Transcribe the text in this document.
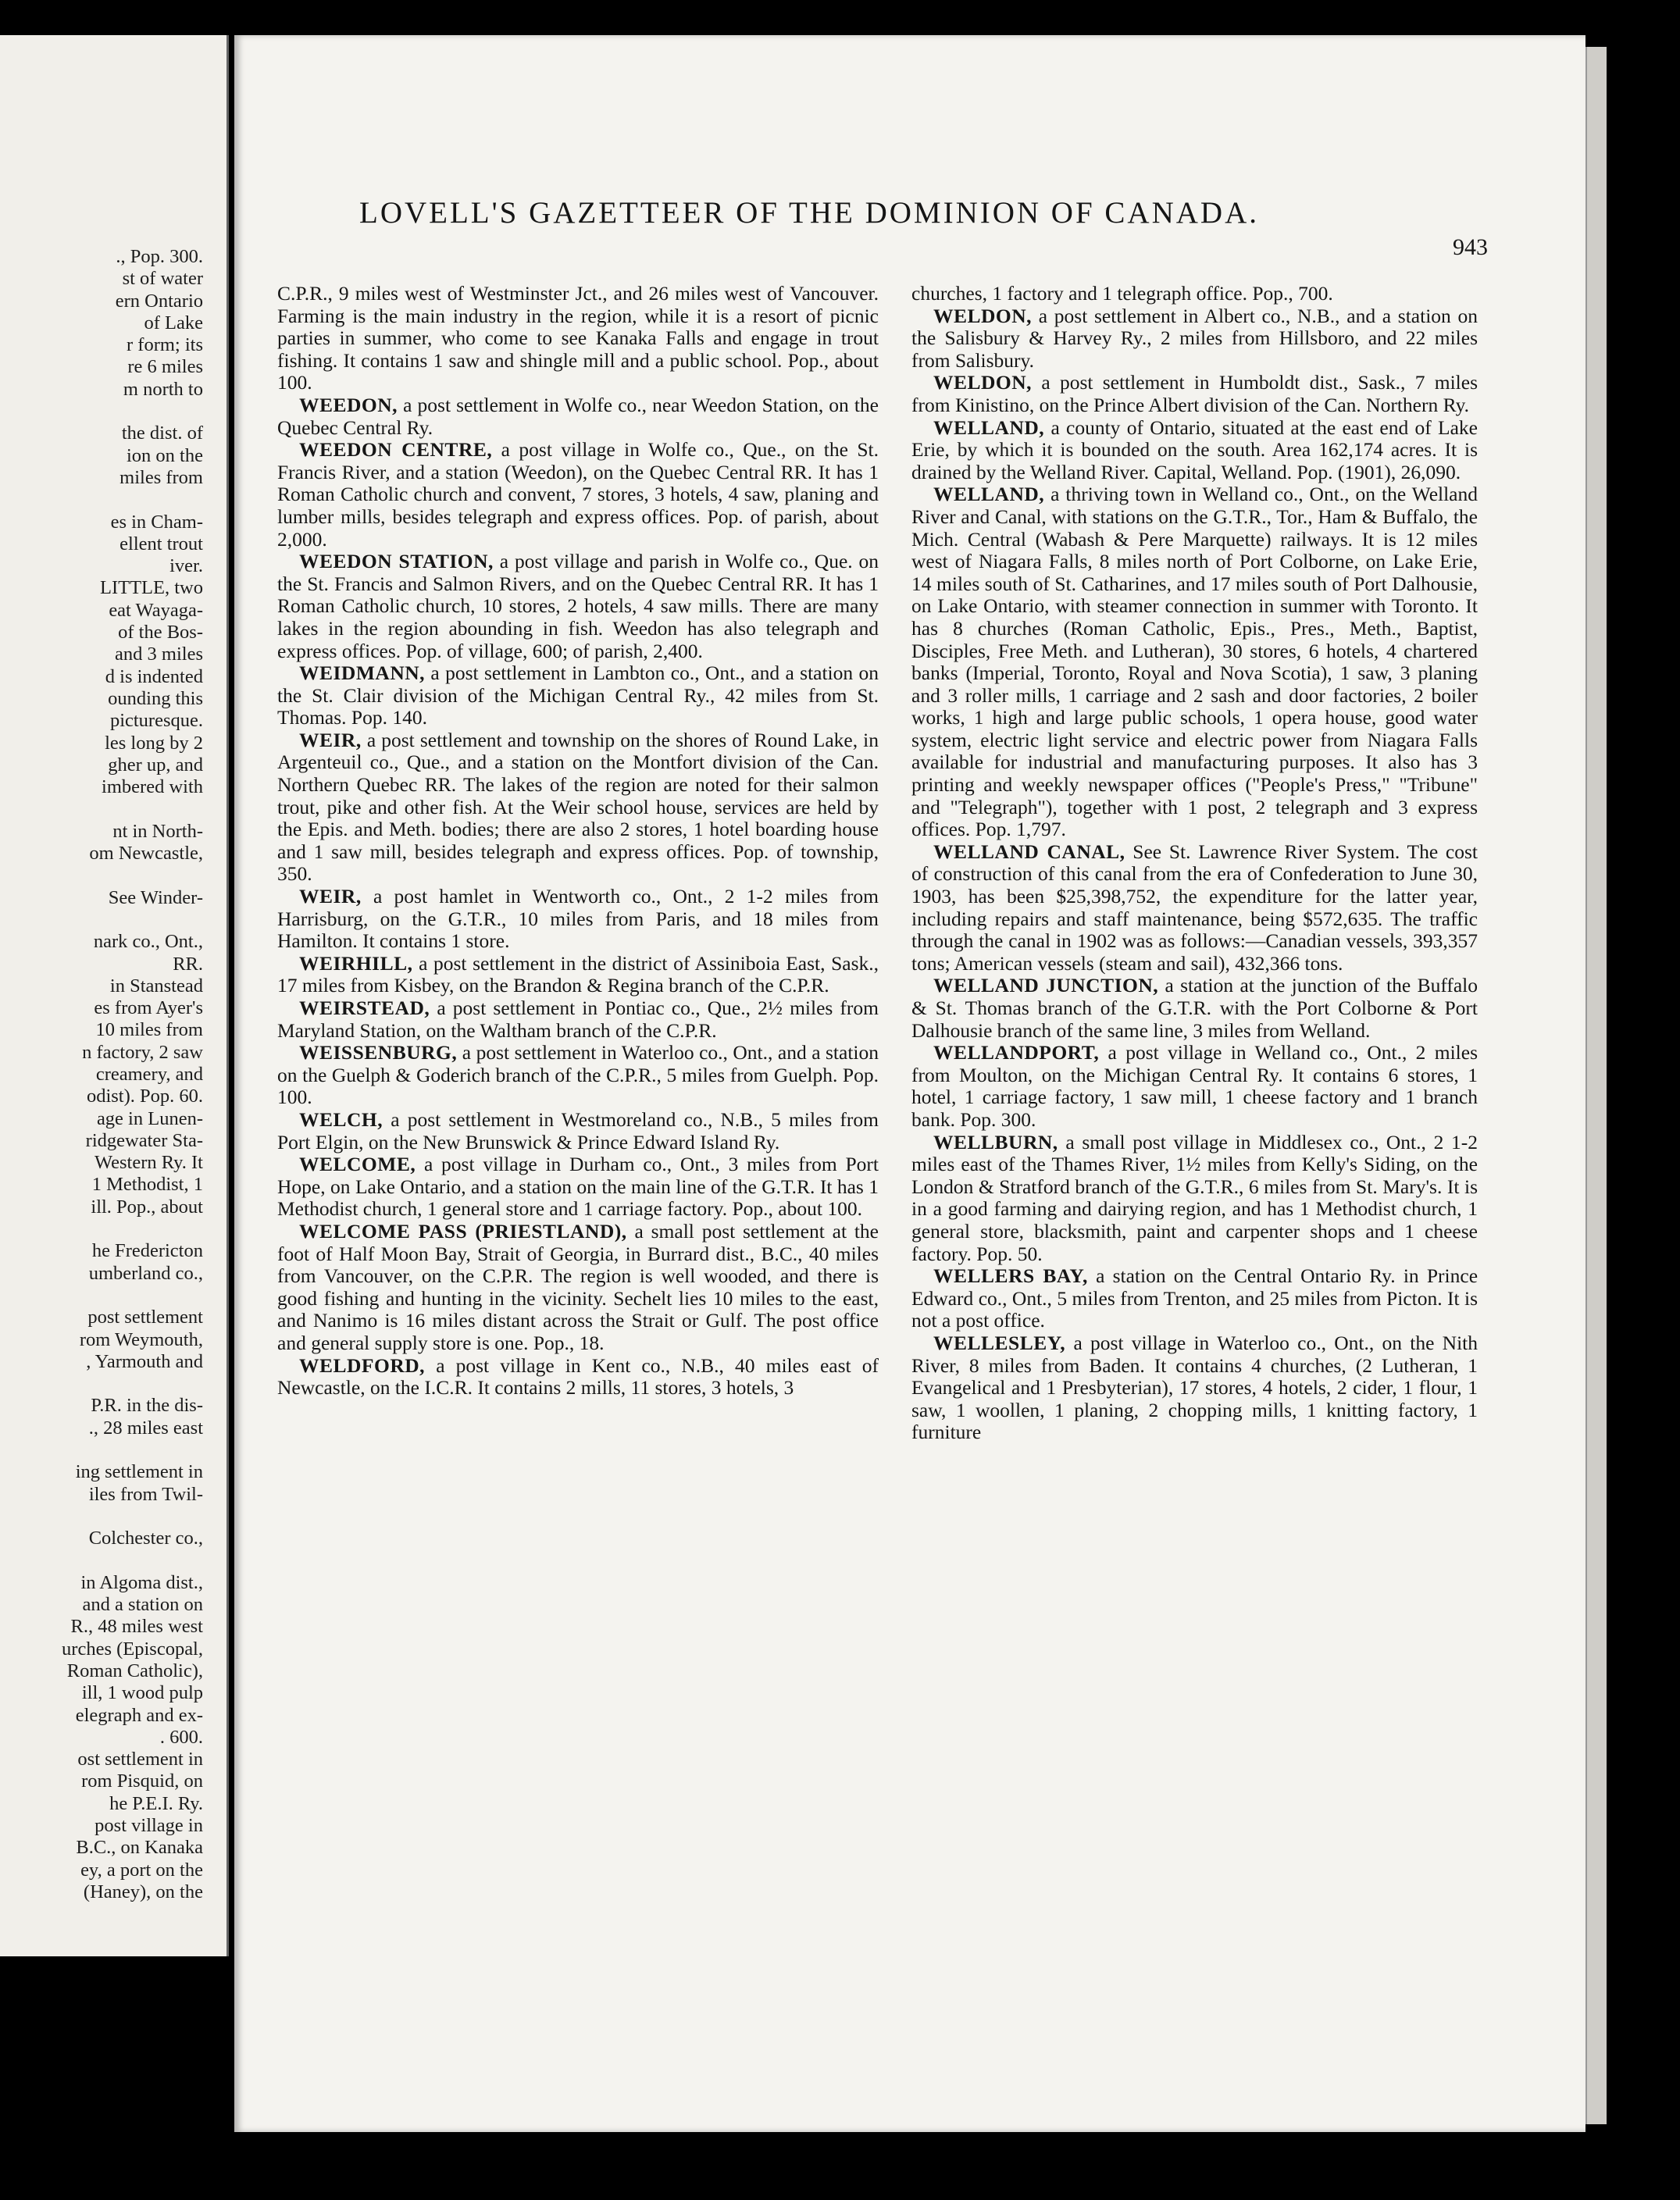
., Pop. 300.
st of water
ern Ontario
of Lake
r form; its
re 6 miles
m north to

the dist. of
ion on the
miles from

es in Cham-
ellent trout
iver.
LITTLE, two
eat Wayaga-
of the Bos-
and 3 miles
d is indented
ounding this
picturesque.
les long by 2
gher up, and
imbered with

nt in North-
om Newcastle,

See Winder-

nark co., Ont.,
RR.
in Stanstead
es from Ayer's
10 miles from
n factory, 2 saw
creamery, and
odist). Pop. 60.
age in Lunen-
ridgewater Sta-
Western Ry. It
1 Methodist, 1
ill. Pop., about

he Fredericton
umberland co.,

post settlement
rom Weymouth,
, Yarmouth and

P.R. in the dis-
., 28 miles east

ing settlement in
iles from Twil-

Colchester co.,

in Algoma dist.,
and a station on
R., 48 miles west
urches (Episcopal,
Roman Catholic),
ill, 1 wood pulp
elegraph and ex-
. 600.
ost settlement in
rom Pisquid, on
he P.E.I. Ry.
post village in
B.C., on Kanaka
ey, a port on the
(Haney), on the
LOVELL'S GAZETTEER OF THE DOMINION OF CANADA.
943

C.P.R., 9 miles west of Westminster Jct., and 26 miles west of Vancouver. Farming is the main industry in the region, while it is a resort of picnic parties in summer, who come to see Kanaka Falls and engage in trout fishing. It contains 1 saw and shingle mill and a public school. Pop., about 100.

WEEDON, a post settlement in Wolfe co., near Weedon Station, on the Quebec Central Ry.

WEEDON CENTRE, a post village in Wolfe co., Que., on the St. Francis River, and a station (Weedon), on the Quebec Central RR. It has 1 Roman Catholic church and convent, 7 stores, 3 hotels, 4 saw, planing and lumber mills, besides telegraph and express offices. Pop. of parish, about 2,000.

WEEDON STATION, a post village and parish in Wolfe co., Que. on the St. Francis and Salmon Rivers, and on the Quebec Central RR. It has 1 Roman Catholic church, 10 stores, 2 hotels, 4 saw mills. There are many lakes in the region abounding in fish. Weedon has also telegraph and express offices. Pop. of village, 600; of parish, 2,400.

WEIDMANN, a post settlement in Lambton co., Ont., and a station on the St. Clair division of the Michigan Central Ry., 42 miles from St. Thomas. Pop. 140.

WEIR, a post settlement and township on the shores of Round Lake, in Argenteuil co., Que., and a station on the Montfort division of the Can. Northern Quebec RR. The lakes of the region are noted for their salmon trout, pike and other fish. At the Weir school house, services are held by the Epis. and Meth. bodies; there are also 2 stores, 1 hotel boarding house and 1 saw mill, besides telegraph and express offices. Pop. of township, 350.

WEIR, a post hamlet in Wentworth co., Ont., 2 1-2 miles from Harrisburg, on the G.T.R., 10 miles from Paris, and 18 miles from Hamilton. It contains 1 store.

WEIRHILL, a post settlement in the district of Assiniboia East, Sask., 17 miles from Kisbey, on the Brandon & Regina branch of the C.P.R.

WEIRSTEAD, a post settlement in Pontiac co., Que., 2½ miles from Maryland Station, on the Waltham branch of the C.P.R.

WEISSENBURG, a post settlement in Waterloo co., Ont., and a station on the Guelph & Goderich branch of the C.P.R., 5 miles from Guelph. Pop. 100.

WELCH, a post settlement in Westmoreland co., N.B., 5 miles from Port Elgin, on the New Brunswick & Prince Edward Island Ry.

WELCOME, a post village in Durham co., Ont., 3 miles from Port Hope, on Lake Ontario, and a station on the main line of the G.T.R. It has 1 Methodist church, 1 general store and 1 carriage factory. Pop., about 100.

WELCOME PASS (PRIESTLAND), a small post settlement at the foot of Half Moon Bay, Strait of Georgia, in Burrard dist., B.C., 40 miles from Vancouver, on the C.P.R. The region is well wooded, and there is good fishing and hunting in the vicinity. Sechelt lies 10 miles to the east, and Nanimo is 16 miles distant across the Strait or Gulf. The post office and general supply store is one. Pop., 18.

WELDFORD, a post village in Kent co., N.B., 40 miles east of Newcastle, on the I.C.R. It contains 2 mills, 11 stores, 3 hotels, 3

churches, 1 factory and 1 telegraph office. Pop., 700.

WELDON, a post settlement in Albert co., N.B., and a station on the Salisbury & Harvey Ry., 2 miles from Hillsboro, and 22 miles from Salisbury.

WELDON, a post settlement in Humboldt dist., Sask., 7 miles from Kinistino, on the Prince Albert division of the Can. Northern Ry.

WELLAND, a county of Ontario, situated at the east end of Lake Erie, by which it is bounded on the south. Area 162,174 acres. It is drained by the Welland River. Capital, Welland. Pop. (1901), 26,090.

WELLAND, a thriving town in Welland co., Ont., on the Welland River and Canal, with stations on the G.T.R., Tor., Ham & Buffalo, the Mich. Central (Wabash & Pere Marquette) railways. It is 12 miles west of Niagara Falls, 8 miles north of Port Colborne, on Lake Erie, 14 miles south of St. Catharines, and 17 miles south of Port Dalhousie, on Lake Ontario, with steamer connection in summer with Toronto. It has 8 churches (Roman Catholic, Epis., Pres., Meth., Baptist, Disciples, Free Meth. and Lutheran), 30 stores, 6 hotels, 4 chartered banks (Imperial, Toronto, Royal and Nova Scotia), 1 saw, 3 planing and 3 roller mills, 1 carriage and 2 sash and door factories, 2 boiler works, 1 high and large public schools, 1 opera house, good water system, electric light service and electric power from Niagara Falls available for industrial and manufacturing purposes. It also has 3 printing and weekly newspaper offices ("People's Press," "Tribune" and "Telegraph"), together with 1 post, 2 telegraph and 3 express offices. Pop. 1,797.

WELLAND CANAL, See St. Lawrence River System. The cost of construction of this canal from the era of Confederation to June 30, 1903, has been $25,398,752, the expenditure for the latter year, including repairs and staff maintenance, being $572,635. The traffic through the canal in 1902 was as follows:—Canadian vessels, 393,357 tons; American vessels (steam and sail), 432,366 tons.

WELLAND JUNCTION, a station at the junction of the Buffalo & St. Thomas branch of the G.T.R. with the Port Colborne & Port Dalhousie branch of the same line, 3 miles from Welland.

WELLANDPORT, a post village in Welland co., Ont., 2 miles from Moulton, on the Michigan Central Ry. It contains 6 stores, 1 hotel, 1 carriage factory, 1 saw mill, 1 cheese factory and 1 branch bank. Pop. 300.

WELLBURN, a small post village in Middlesex co., Ont., 2 1-2 miles east of the Thames River, 1½ miles from Kelly's Siding, on the London & Stratford branch of the G.T.R., 6 miles from St. Mary's. It is in a good farming and dairying region, and has 1 Methodist church, 1 general store, blacksmith, paint and carpenter shops and 1 cheese factory. Pop. 50.

WELLERS BAY, a station on the Central Ontario Ry. in Prince Edward co., Ont., 5 miles from Trenton, and 25 miles from Picton. It is not a post office.

WELLESLEY, a post village in Waterloo co., Ont., on the Nith River, 8 miles from Baden. It contains 4 churches, (2 Lutheran, 1 Evangelical and 1 Presbyterian), 17 stores, 4 hotels, 2 cider, 1 flour, 1 saw, 1 woollen, 1 planing, 2 chopping mills, 1 knitting factory, 1 furniture
